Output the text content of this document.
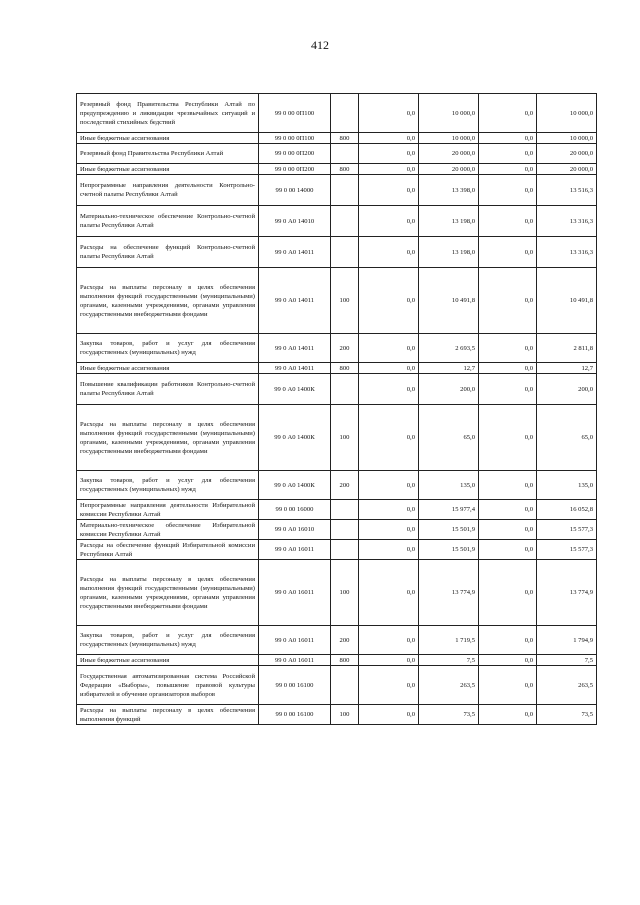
412
Резервный фонд Правительства Республики Алтай по предупреждению и ликвидации чрезвычайных ситуаций и последствий стихийных бедствий	99 0 00 0П100		0,0	10 000,0	0,0	10 000,0
Иные бюджетные ассигнования	99 0 00 0П100	800	0,0	10 000,0	0,0	10 000,0
Резервный фонд Правительства Республики Алтай	99 0 00 0П200		0,0	20 000,0	0,0	20 000,0
Иные бюджетные ассигнования	99 0 00 0П200	800	0,0	20 000,0	0,0	20 000,0
Непрограммные направления деятельности Контрольно-счетной палаты Республики Алтай	99 0 00 14000		0,0	13 398,0	0,0	13 516,3
Материально-техническое обеспечение Контрольно-счетной палаты Республики Алтай	99 0 А0 14010		0,0	13 198,0	0,0	13 316,3
Расходы на обеспечение функций Контрольно-счетной палаты Республики Алтай	99 0 А0 14011		0,0	13 198,0	0,0	13 316,3
Расходы на выплаты персоналу в целях обеспечения выполнения функций государственными (муниципальными) органами, казенными учреждениями, органами управления государственными внебюджетными фондами	99 0 А0 14011	100	0,0	10 491,8	0,0	10 491,8
Закупка товаров, работ и услуг для обеспечения государственных (муниципальных) нужд	99 0 А0 14011	200	0,0	2 693,5	0,0	2 811,8
Иные бюджетные ассигнования	99 0 А0 14011	800	0,0	12,7	0,0	12,7
Повышение квалификации работников Контрольно-счетной палаты Республики Алтай	99 0 А0 1400К		0,0	200,0	0,0	200,0
Расходы на выплаты персоналу в целях обеспечения выполнения функций государственными (муниципальными) органами, казенными учреждениями, органами управления государственными внебюджетными фондами	99 0 А0 1400К	100	0,0	65,0	0,0	65,0
Закупка товаров, работ и услуг для обеспечения государственных (муниципальных) нужд	99 0 А0 1400К	200	0,0	135,0	0,0	135,0
Непрограммные направления деятельности Избирательной комиссии Республики Алтай	99 0 00 16000		0,0	15 977,4	0,0	16 052,8
Материально-техническое обеспечение Избирательной комиссии Республики Алтай	99 0 А0 16010		0,0	15 501,9	0,0	15 577,3
Расходы на обеспечение функций Избирательной комиссии Республики Алтай	99 0 А0 16011		0,0	15 501,9	0,0	15 577,3
Расходы на выплаты персоналу в целях обеспечения выполнения функций государственными (муниципальными) органами, казенными учреждениями, органами управления государственными внебюджетными фондами	99 0 А0 16011	100	0,0	13 774,9	0,0	13 774,9
Закупка товаров, работ и услуг для обеспечения государственных (муниципальных) нужд	99 0 А0 16011	200	0,0	1 719,5	0,0	1 794,9
Иные бюджетные ассигнования	99 0 А0 16011	800	0,0	7,5	0,0	7,5
Государственная автоматизированная система Российской Федерации «Выборы», повышение правовой культуры избирателей и обучение организаторов выборов	99 0 00 16100		0,0	263,5	0,0	263,5
Расходы на выплаты персоналу в целях обеспечения выполнения функций	99 0 00 16100	100	0,0	73,5	0,0	73,5
